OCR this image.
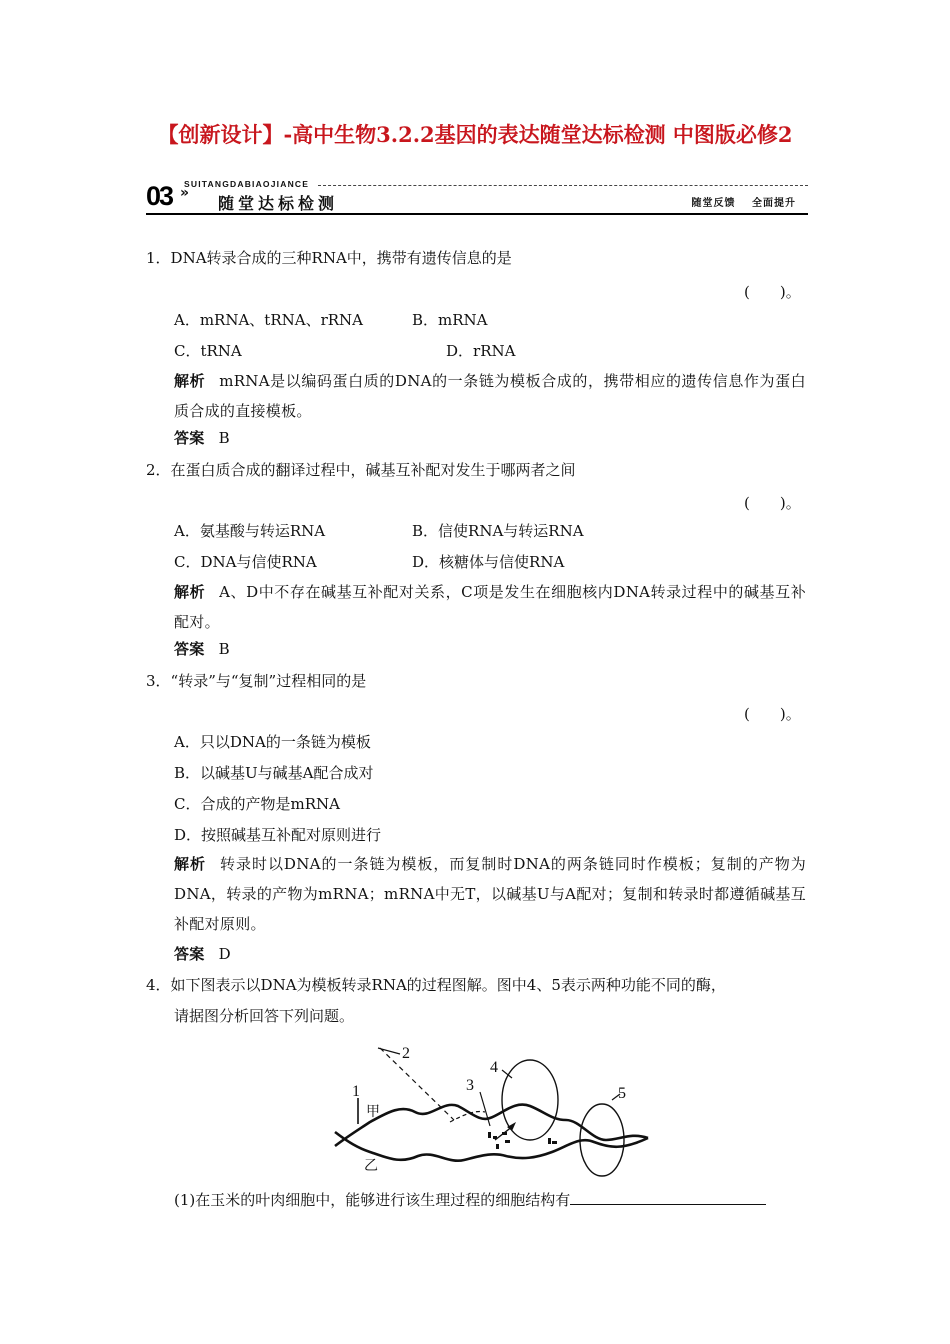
【创新设计】-高中生物3.2.2基因的表达随堂达标检测 中图版必修2
03 »
SUITANGDABIAOJIANCE
随堂达标检测	随堂反馈 全面提升
1．DNA转录合成的三种RNA中，携带有遗传信息的是
(　　)。
A．mRNA、tRNA、rRNA	B．mRNA
C．tRNA	D．rRNA
解析 mRNA是以编码蛋白质的DNA的一条链为模板合成的，携带相应的遗传信息作为蛋白质合成的直接模板。
答案 B
2．在蛋白质合成的翻译过程中，碱基互补配对发生于哪两者之间
(　　)。
A．氨基酸与转运RNA	B．信使RNA与转运RNA
C．DNA与信使RNA	D．核糖体与信使RNA
解析 A、D中不存在碱基互补配对关系，C项是发生在细胞核内DNA转录过程中的碱基互补配对。
答案 B
3．“转录”与“复制”过程相同的是
(　　)。
A．只以DNA的一条链为模板
B．以碱基U与碱基A配合成对
C．合成的产物是mRNA
D．按照碱基互补配对原则进行
解析 转录时以DNA的一条链为模板，而复制时DNA的两条链同时作模板；复制的产物为DNA，转录的产物为mRNA；mRNA中无T，以碱基U与A配对；复制和转录时都遵循碱基互补配对原则。
答案 D
4．如下图表示以DNA为模板转录RNA的过程图解。图中4、5表示两种功能不同的酶，
请据图分析回答下列问题。
1
2
3
4
5
甲
乙
(1)在玉米的叶肉细胞中，能够进行该生理过程的细胞结构有
